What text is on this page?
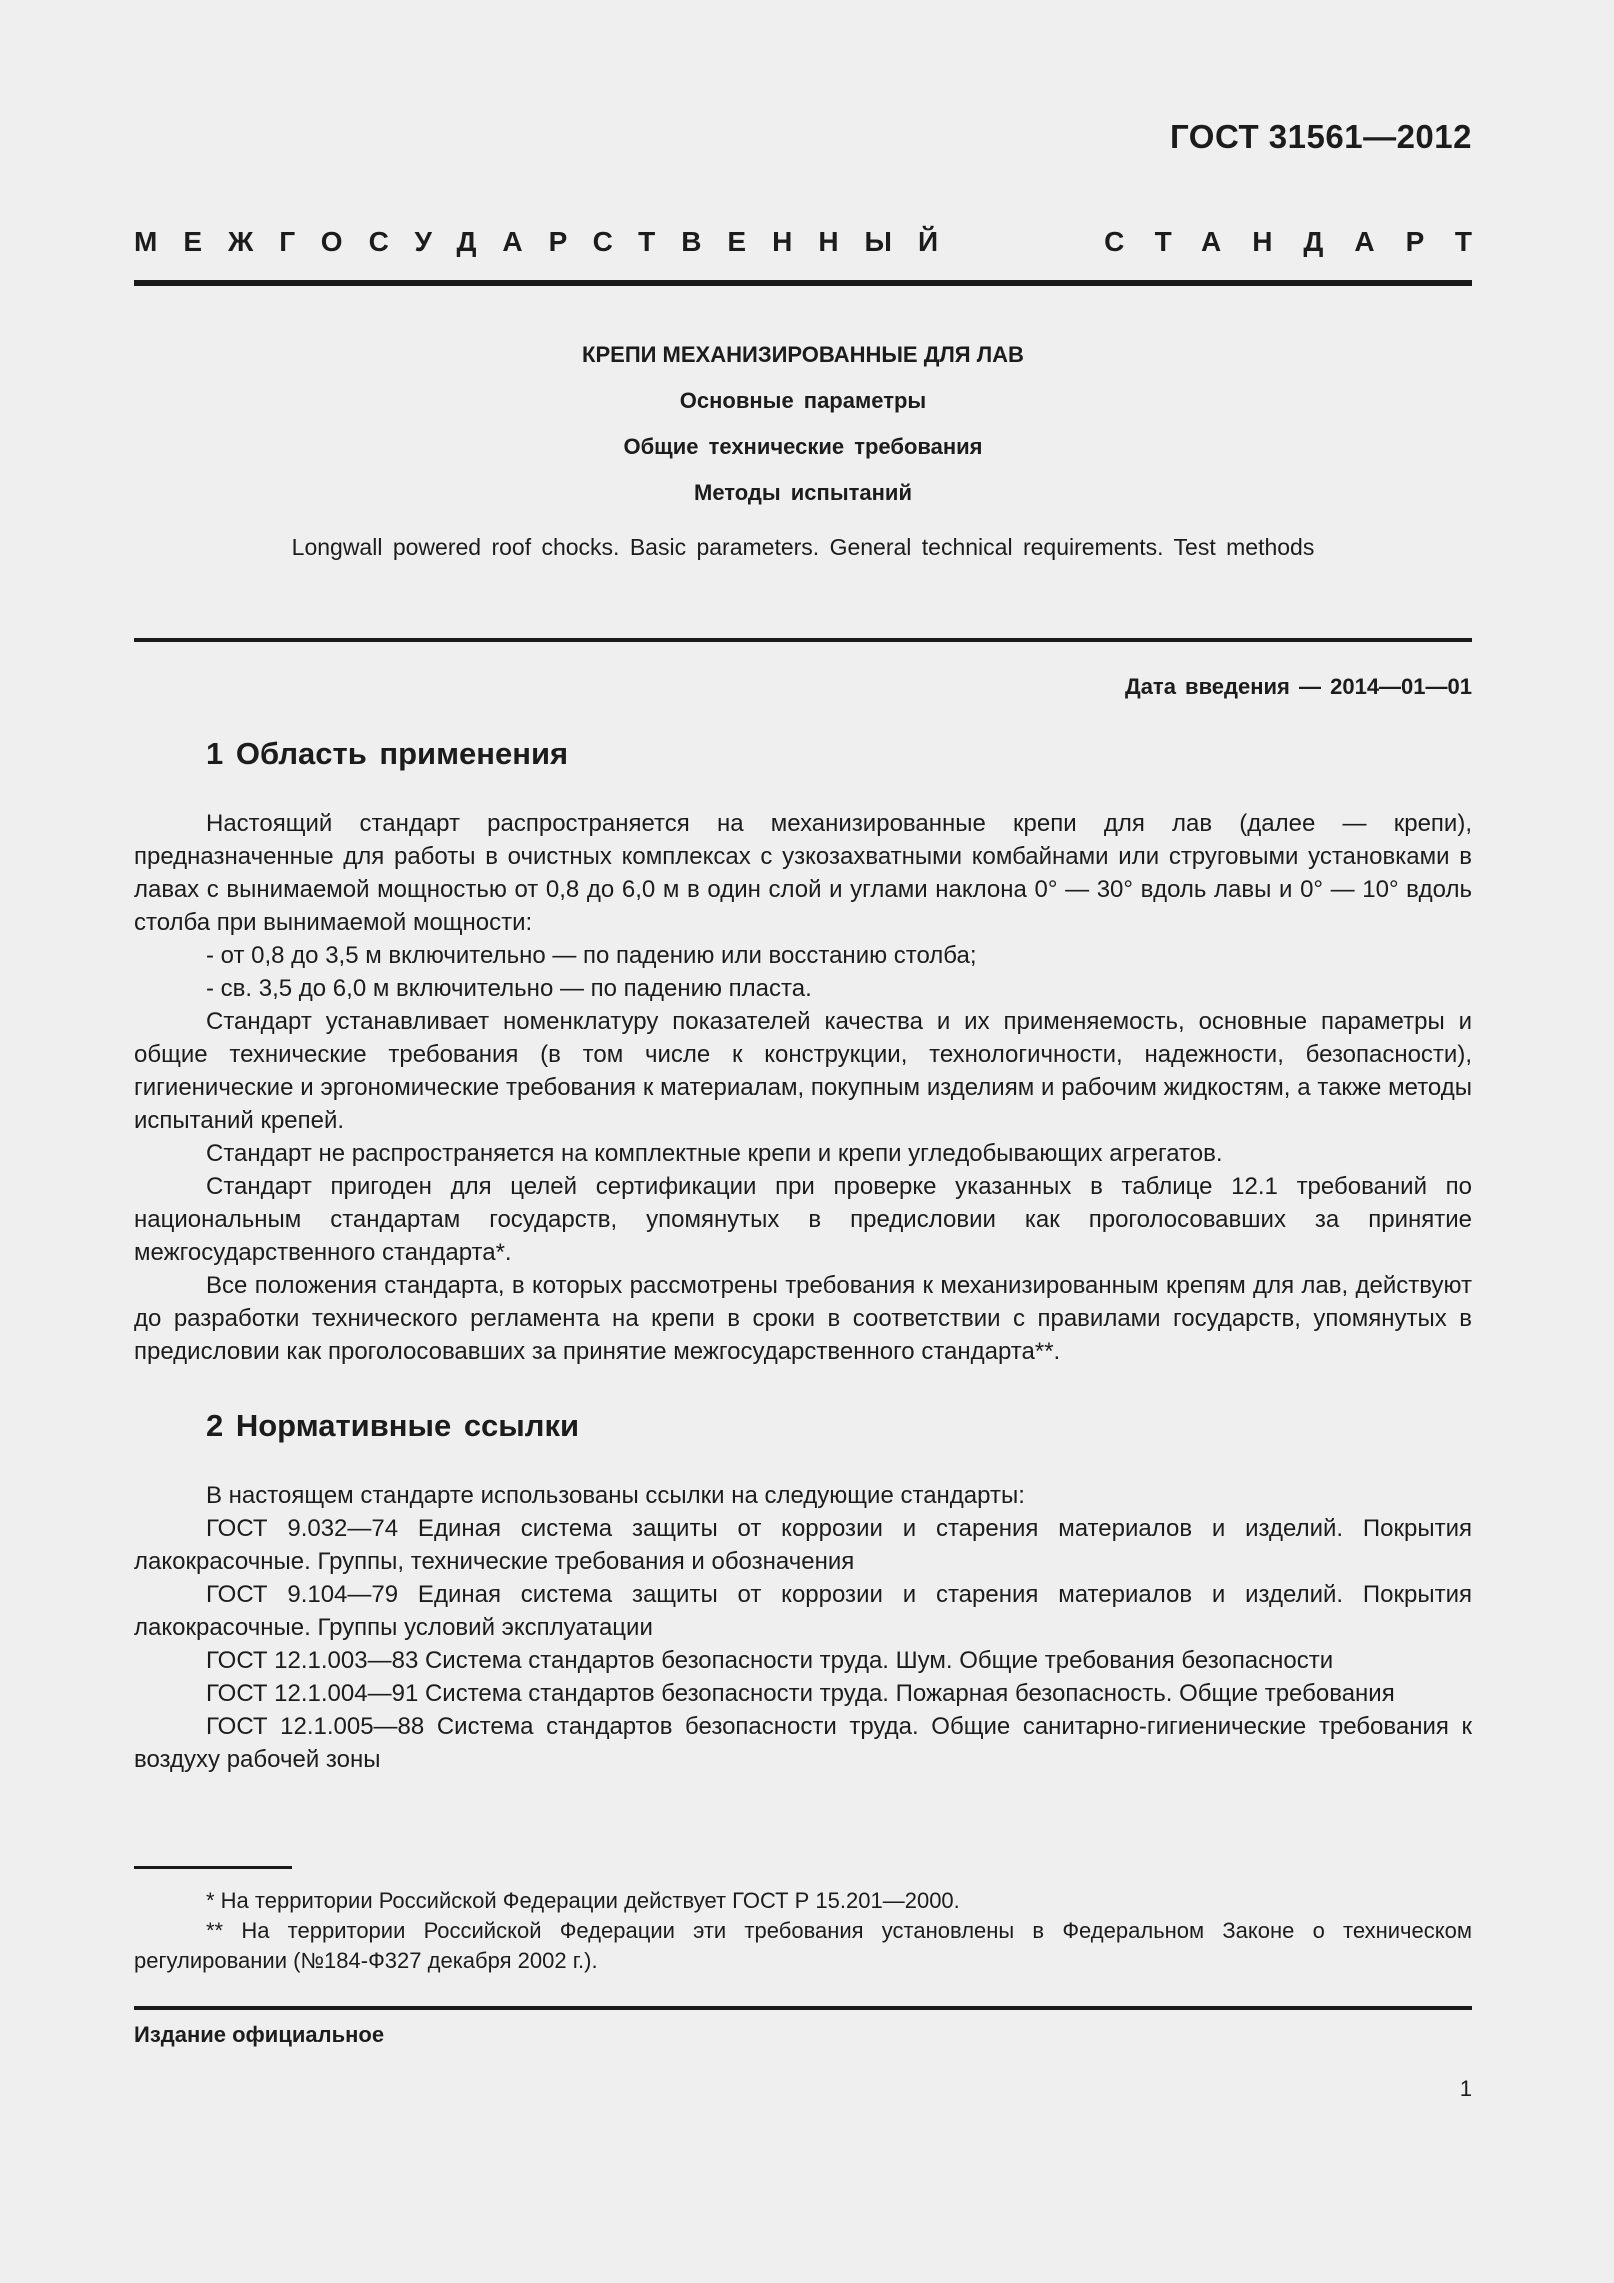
ГОСТ 31561—2012
МЕЖГОСУДАРСТВЕННЫЙ	СТАНДАРТ
КРЕПИ МЕХАНИЗИРОВАННЫЕ ДЛЯ ЛАВ
Основные параметры
Общие технические требования
Методы испытаний
Longwall powered roof chocks. Basic parameters. General technical requirements. Test methods
Дата введения — 2014—01—01
1 Область применения

Настоящий стандарт распространяется на механизированные крепи для лав (далее — крепи), предназначенные для работы в очистных комплексах с узкозахватными комбайнами или струговыми установками в лавах с вынимаемой мощностью от 0,8 до 6,0 м в один слой и углами наклона 0° — 30° вдоль лавы и 0° — 10° вдоль столба при вынимаемой мощности:

- от 0,8 до 3,5 м включительно — по падению или восстанию столба;

- св. 3,5 до 6,0 м включительно — по падению пласта.

Стандарт устанавливает номенклатуру показателей качества и их применяемость, основные параметры и общие технические требования (в том числе к конструкции, технологичности, надежности, безопасности), гигиенические и эргономические требования к материалам, покупным изделиям и рабочим жидкостям, а также методы испытаний крепей.

Стандарт не распространяется на комплектные крепи и крепи угледобывающих агрегатов.

Стандарт пригоден для целей сертификации при проверке указанных в таблице 12.1 требований по национальным стандартам государств, упомянутых в предисловии как проголосовавших за принятие межгосударственного стандарта*.

Все положения стандарта, в которых рассмотрены требования к механизированным крепям для лав, действуют до разработки технического регламента на крепи в сроки в соответствии с правилами государств, упомянутых в предисловии как проголосовавших за принятие межгосударственного стандарта**.

2 Нормативные ссылки

В настоящем стандарте использованы ссылки на следующие стандарты:

ГОСТ 9.032—74 Единая система защиты от коррозии и старения материалов и изделий. Покрытия лакокрасочные. Группы, технические требования и обозначения

ГОСТ 9.104—79 Единая система защиты от коррозии и старения материалов и изделий. Покрытия лакокрасочные. Группы условий эксплуатации

ГОСТ 12.1.003—83 Система стандартов безопасности труда. Шум. Общие требования безопасности

ГОСТ 12.1.004—91 Система стандартов безопасности труда. Пожарная безопасность. Общие требования

ГОСТ 12.1.005—88 Система стандартов безопасности труда. Общие санитарно-гигиенические требования к воздуху рабочей зоны

* На территории Российской Федерации действует ГОСТ Р 15.201—2000.

** На территории Российской Федерации эти требования установлены в Федеральном Законе о техническом регулировании (№184-Ф327 декабря 2002 г.).

Издание официальное
1
